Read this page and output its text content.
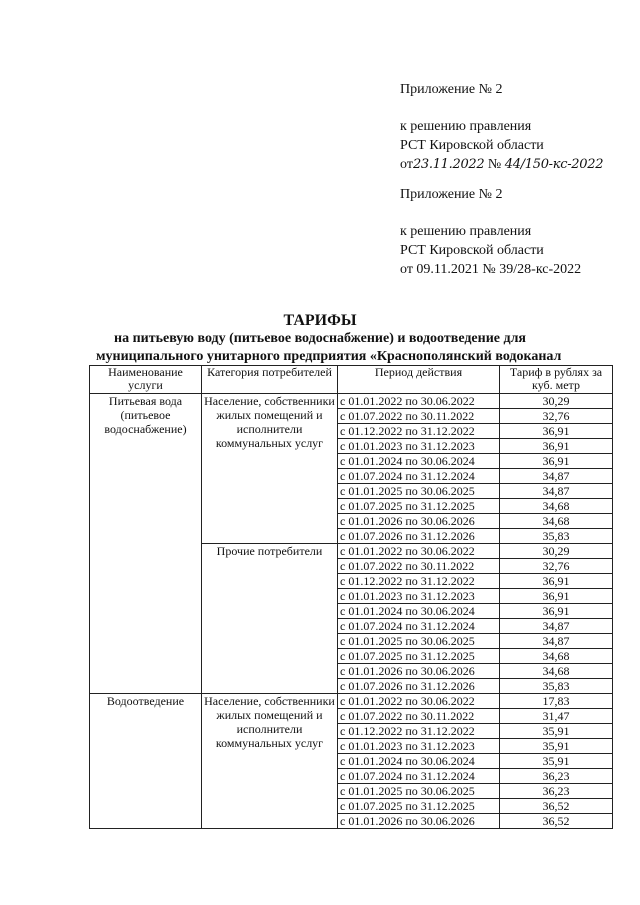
Приложение № 2
к решению правления
РСТ Кировской области
от23.11.2022 № 44/150-кс-2022
Приложение № 2
к решению правления
РСТ Кировской области
от 09.11.2021 № 39/28-кс-2022
ТАРИФЫ
на питьевую воду (питьевое водоснабжение) и водоотведение для
муниципального унитарного предприятия «Краснополянский водоканал
Наименование услуги	Категория потребителей	Период действия	Тариф в рублях за куб. метр
Питьевая вода (питьевое водоснабжение)	Население, собственники жилых помещений и исполнители коммунальных услуг	с 01.01.2022 по 30.06.2022	30,29
		с 01.07.2022 по 30.11.2022	32,76
		с 01.12.2022 по 31.12.2022	36,91
		с 01.01.2023 по 31.12.2023	36,91
		с 01.01.2024 по 30.06.2024	36,91
		с 01.07.2024 по 31.12.2024	34,87
		с 01.01.2025 по 30.06.2025	34,87
		с 01.07.2025 по 31.12.2025	34,68
		с 01.01.2026 по 30.06.2026	34,68
		с 01.07.2026 по 31.12.2026	35,83
	Прочие потребители	с 01.01.2022 по 30.06.2022	30,29
		с 01.07.2022 по 30.11.2022	32,76
		с 01.12.2022 по 31.12.2022	36,91
		с 01.01.2023 по 31.12.2023	36,91
		с 01.01.2024 по 30.06.2024	36,91
		с 01.07.2024 по 31.12.2024	34,87
		с 01.01.2025 по 30.06.2025	34,87
		с 01.07.2025 по 31.12.2025	34,68
		с 01.01.2026 по 30.06.2026	34,68
		с 01.07.2026 по 31.12.2026	35,83
Водоотведение	Население, собственники жилых помещений и исполнители коммунальных услуг	с 01.01.2022 по 30.06.2022	17,83
		с 01.07.2022 по 30.11.2022	31,47
		с 01.12.2022 по 31.12.2022	35,91
		с 01.01.2023 по 31.12.2023	35,91
		с 01.01.2024 по 30.06.2024	35,91
		с 01.07.2024 по 31.12.2024	36,23
		с 01.01.2025 по 30.06.2025	36,23
		с 01.07.2025 по 31.12.2025	36,52
		с 01.01.2026 по 30.06.2026	36,52
